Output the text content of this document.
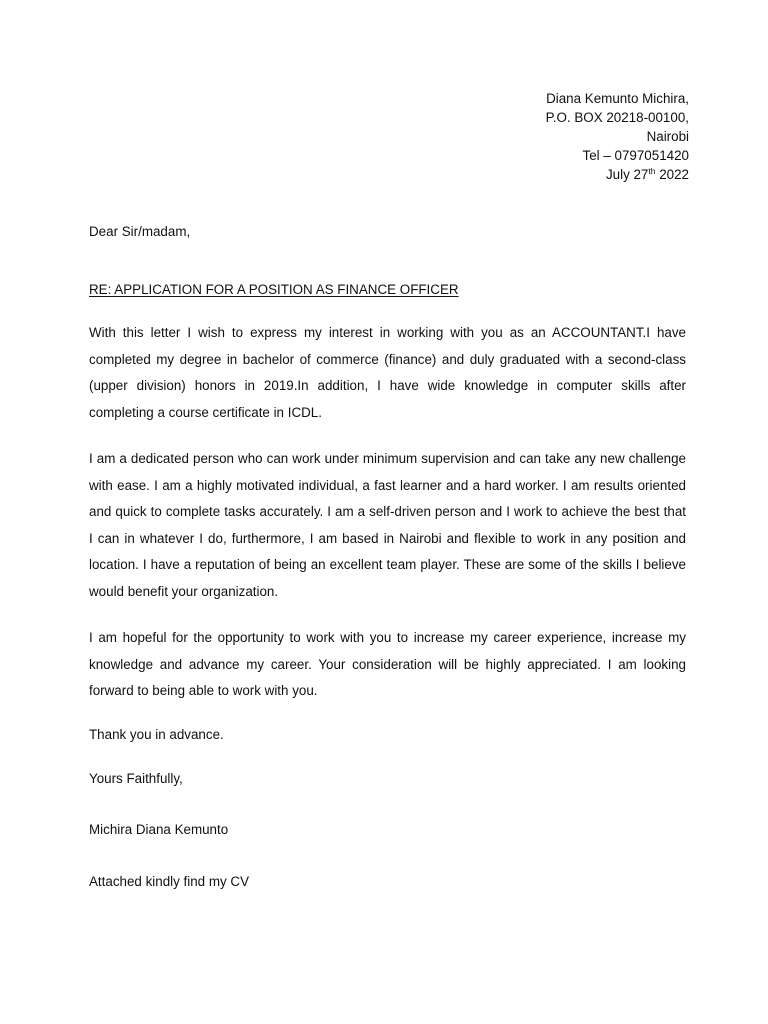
Diana Kemunto Michira,
P.O. BOX 20218-00100,
Nairobi
Tel – 0797051420
July 27th 2022

Dear Sir/madam,

RE: APPLICATION FOR A POSITION AS FINANCE OFFICER

With this letter I wish to express my interest in working with you as an ACCOUNTANT.I have completed my degree in bachelor of commerce (finance) and duly graduated with a second-class (upper division) honors in 2019.In addition, I have wide knowledge in computer skills after completing a course certificate in ICDL.

I am a dedicated person who can work under minimum supervision and can take any new challenge with ease. I am a highly motivated individual, a fast learner and a hard worker. I am results oriented and quick to complete tasks accurately. I am a self-driven person and I work to achieve the best that I can in whatever I do, furthermore, I am based in Nairobi and flexible to work in any position and location. I have a reputation of being an excellent team player. These are some of the skills I believe would benefit your organization.

I am hopeful for the opportunity to work with you to increase my career experience, increase my knowledge and advance my career. Your consideration will be highly appreciated. I am looking forward to being able to work with you.

Thank you in advance.

Yours Faithfully,

Michira Diana Kemunto

Attached kindly find my CV
